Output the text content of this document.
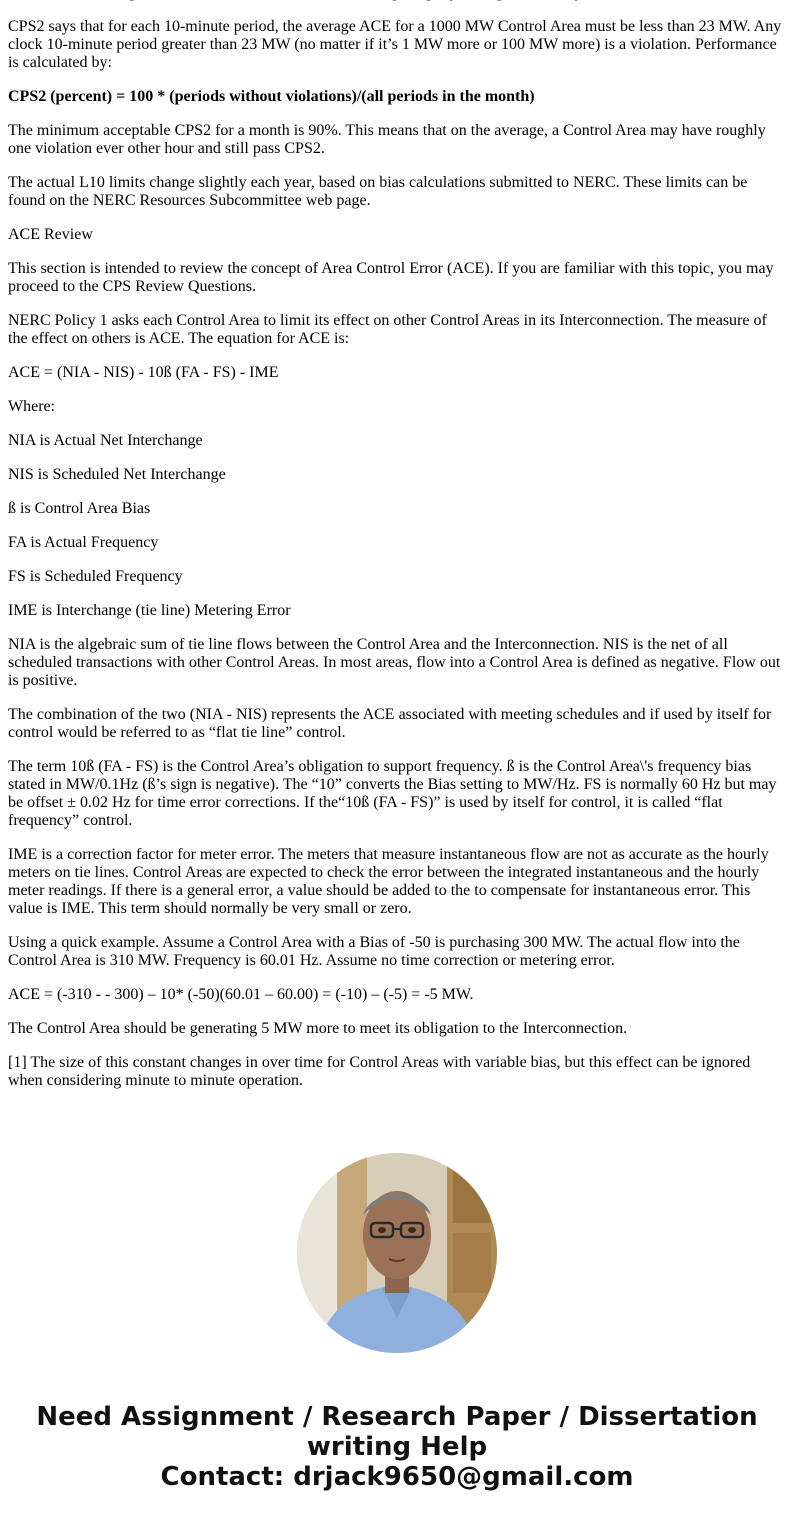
CPS2 says that for each 10-minute period, the average ACE for a 1000 MW Control Area must be less than 23 MW. Any clock 10-minute period greater than 23 MW (no matter if it’s 1 MW more or 100 MW more) is a violation. Performance is calculated by:

CPS2 (percent) = 100 * (periods without violations)/(all periods in the month)

The minimum acceptable CPS2 for a month is 90%. This means that on the average, a Control Area may have roughly one violation ever other hour and still pass CPS2.

The actual L10 limits change slightly each year, based on bias calculations submitted to NERC. These limits can be found on the NERC Resources Subcommittee web page.

ACE Review

This section is intended to review the concept of Area Control Error (ACE). If you are familiar with this topic, you may proceed to the CPS Review Questions.

NERC Policy 1 asks each Control Area to limit its effect on other Control Areas in its Interconnection. The measure of the effect on others is ACE. The equation for ACE is:

ACE = (NIA - NIS) - 10ß (FA - FS) - IME

Where:

NIA is Actual Net Interchange

NIS is Scheduled Net Interchange

ß is Control Area Bias

FA is Actual Frequency

FS is Scheduled Frequency

IME is Interchange (tie line) Metering Error

NIA is the algebraic sum of tie line flows between the Control Area and the Interconnection. NIS is the net of all scheduled transactions with other Control Areas. In most areas, flow into a Control Area is defined as negative. Flow out is positive.

The combination of the two (NIA - NIS) represents the ACE associated with meeting schedules and if used by itself for control would be referred to as “flat tie line” control.

The term 10ß (FA - FS) is the Control Area’s obligation to support frequency. ß is the Control Area\'s frequency bias stated in MW/0.1Hz (ß’s sign is negative). The “10” converts the Bias setting to MW/Hz. FS is normally 60 Hz but may be offset ± 0.02 Hz for time error corrections. If the“10ß (FA - FS)” is used by itself for control, it is called “flat frequency” control.

IME is a correction factor for meter error. The meters that measure instantaneous flow are not as accurate as the hourly meters on tie lines. Control Areas are expected to check the error between the integrated instantaneous and the hourly meter readings. If there is a general error, a value should be added to the to compensate for instantaneous error. This value is IME. This term should normally be very small or zero.

Using a quick example. Assume a Control Area with a Bias of -50 is purchasing 300 MW. The actual flow into the Control Area is 310 MW. Frequency is 60.01 Hz. Assume no time correction or metering error.

ACE = (-310 - - 300) – 10* (-50)(60.01 – 60.00) = (-10) – (-5) = -5 MW.

The Control Area should be generating 5 MW more to meet its obligation to the Interconnection.

[1] The size of this constant changes in over time for Control Areas with variable bias, but this effect can be ignored when considering minute to minute operation.

Need Assignment / Research Paper / Dissertation
writing Help
Contact: drjack9650@gmail.com
